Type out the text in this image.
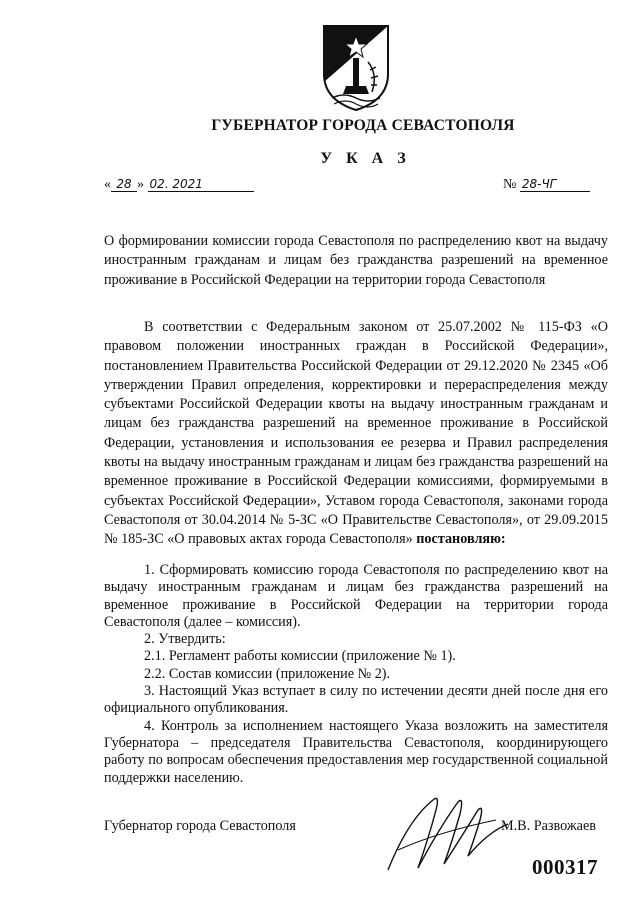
ГУБЕРНАТОР ГОРОДА СЕВАСТОПОЛЯ
У К А З
« 28 » 02. 2021	№ 28-ЧГ
О формировании комиссии города Севастополя по распределению квот на выдачу иностранным гражданам и лицам без гражданства разрешений на временное проживание в Российской Федерации на территории города Севастополя
В соответствии с Федеральным законом от 25.07.2002 № 115-ФЗ «О правовом положении иностранных граждан в Российской Федерации», постановлением Правительства Российской Федерации от 29.12.2020 № 2345 «Об утверждении Правил определения, корректировки и перераспределения между субъектами Российской Федерации квоты на выдачу иностранным гражданам и лицам без гражданства разрешений на временное проживание в Российской Федерации, установления и использования ее резерва и Правил распределения квоты на выдачу иностранным гражданам и лицам без гражданства разрешений на временное проживание в Российской Федерации комиссиями, формируемыми в субъектах Российской Федерации», Уставом города Севастополя, законами города Севастополя от 30.04.2014 № 5-ЗС «О Правительстве Севастополя», от 29.09.2015 № 185-ЗС «О правовых актах города Севастополя» постановляю:

1. Сформировать комиссию города Севастополя по распределению квот на выдачу иностранным гражданам и лицам без гражданства разрешений на временное проживание в Российской Федерации на территории города Севастополя (далее – комиссия).

2. Утвердить:

2.1. Регламент работы комиссии (приложение № 1).

2.2. Состав комиссии (приложение № 2).

3. Настоящий Указ вступает в силу по истечении десяти дней после дня его официального опубликования.

4. Контроль за исполнением настоящего Указа возложить на заместителя Губернатора – председателя Правительства Севастополя, координирующего работу по вопросам обеспечения предоставления мер государственной социальной поддержки населению.

Губернатор города Севастополя	М.В. Развожаев
000317
